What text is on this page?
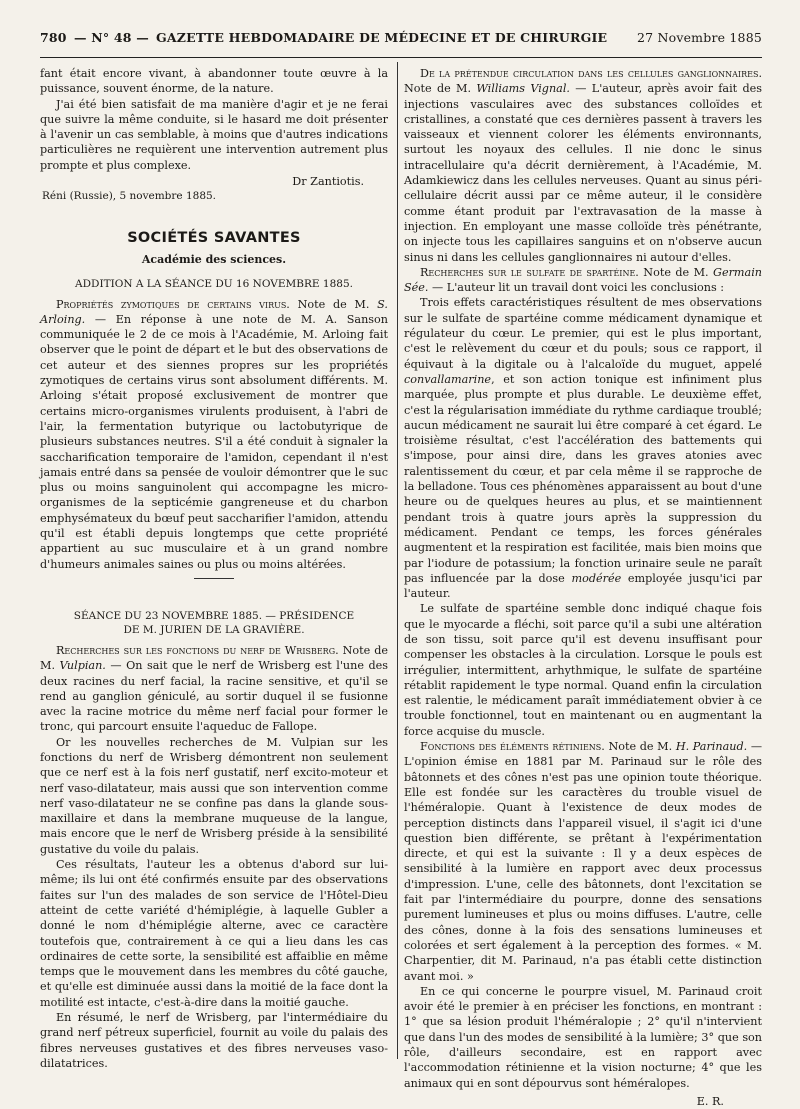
780 — N° 48 — GAZETTE HEBDOMADAIRE DE MÉDECINE ET DE CHIRURGIE	27 Novembre 1885

fant était encore vivant, à abandonner toute œuvre à la puissance, souvent énorme, de la nature.

J'ai été bien satisfait de ma manière d'agir et je ne ferai que suivre la même conduite, si le hasard me doit présenter à l'avenir un cas semblable, à moins que d'autres indications particulières ne requièrent une intervention autrement plus prompte et plus complexe.

Dr Zantiotis.

Réni (Russie), 5 novembre 1885.

SOCIÉTÉS SAVANTES
Académie des sciences.
ADDITION A LA SÉANCE DU 16 NOVEMBRE 1885.

Propriétés zymotiques de certains virus. Note de M. S. Arloing. — En réponse à une note de M. A. Sanson communiquée le 2 de ce mois à l'Académie, M. Arloing fait observer que le point de départ et le but des observations de cet auteur et des siennes propres sur les propriétés zymotiques de certains virus sont absolument différents. M. Arloing s'était proposé exclusivement de montrer que certains micro-organismes virulents produisent, à l'abri de l'air, la fermentation butyrique ou lactobutyrique de plusieurs substances neutres. S'il a été conduit à signaler la saccharification temporaire de l'amidon, cependant il n'est jamais entré dans sa pensée de vouloir démontrer que le suc plus ou moins sanguinolent qui accompagne les micro-organismes de la septicémie gangreneuse et du charbon emphysémateux du bœuf peut saccharifier l'amidon, attendu qu'il est établi depuis longtemps que cette propriété appartient au suc musculaire et à un grand nombre d'humeurs animales saines ou plus ou moins altérées.

SÉANCE DU 23 NOVEMBRE 1885. — PRÉSIDENCE
DE M. JURIEN DE LA GRAVIÈRE.

Recherches sur les fonctions du nerf de Wrisberg. Note de M. Vulpian. — On sait que le nerf de Wrisberg est l'une des deux racines du nerf facial, la racine sensitive, et qu'il se rend au ganglion géniculé, au sortir duquel il se fusionne avec la racine motrice du même nerf facial pour former le tronc, qui parcourt ensuite l'aqueduc de Fallope.

Or les nouvelles recherches de M. Vulpian sur les fonctions du nerf de Wrisberg démontrent non seulement que ce nerf est à la fois nerf gustatif, nerf excito-moteur et nerf vaso-dilatateur, mais aussi que son intervention comme nerf vaso-dilatateur ne se confine pas dans la glande sous-maxillaire et dans la membrane muqueuse de la langue, mais encore que le nerf de Wrisberg préside à la sensibilité gustative du voile du palais.

Ces résultats, l'auteur les a obtenus d'abord sur lui-même; ils lui ont été confirmés ensuite par des observations faites sur l'un des malades de son service de l'Hôtel-Dieu atteint de cette variété d'hémiplégie, à laquelle Gubler a donné le nom d'hémiplégie alterne, avec ce caractère toutefois que, contrairement à ce qui a lieu dans les cas ordinaires de cette sorte, la sensibilité est affaiblie en même temps que le mouvement dans les membres du côté gauche, et qu'elle est diminuée aussi dans la moitié de la face dont la motilité est intacte, c'est-à-dire dans la moitié gauche.

En résumé, le nerf de Wrisberg, par l'intermédiaire du grand nerf pétreux superficiel, fournit au voile du palais des fibres nerveuses gustatives et des fibres nerveuses vaso-dilatatrices.

De la prétendue circulation dans les cellules ganglionnaires. Note de M. Williams Vignal. — L'auteur, après avoir fait des injections vasculaires avec des substances colloïdes et cristallines, a constaté que ces dernières passent à travers les vaisseaux et viennent colorer les éléments environnants, surtout les noyaux des cellules. Il nie donc le sinus intracellulaire qu'a décrit dernièrement, à l'Académie, M. Adamkiewicz dans les cellules nerveuses. Quant au sinus péri-cellulaire décrit aussi par ce même auteur, il le considère comme étant produit par l'extravasation de la masse à injection. En employant une masse colloïde très pénétrante, on injecte tous les capillaires sanguins et on n'observe aucun sinus ni dans les cellules ganglionnaires ni autour d'elles.

Recherches sur le sulfate de spartéine. Note de M. Germain Sée. — L'auteur lit un travail dont voici les conclusions :

Trois effets caractéristiques résultent de mes observations sur le sulfate de spartéine comme médicament dynamique et régulateur du cœur. Le premier, qui est le plus important, c'est le relèvement du cœur et du pouls; sous ce rapport, il équivaut à la digitale ou à l'alcaloïde du muguet, appelé convallamarine, et son action tonique est infiniment plus marquée, plus prompte et plus durable. Le deuxième effet, c'est la régularisation immédiate du rythme cardiaque troublé; aucun médicament ne saurait lui être comparé à cet égard. Le troisième résultat, c'est l'accélération des battements qui s'impose, pour ainsi dire, dans les graves atonies avec ralentissement du cœur, et par cela même il se rapproche de la belladone. Tous ces phénomènes apparaissent au bout d'une heure ou de quelques heures au plus, et se maintiennent pendant trois à quatre jours après la suppression du médicament. Pendant ce temps, les forces générales augmentent et la respiration est facilitée, mais bien moins que par l'iodure de potassium; la fonction urinaire seule ne paraît pas influencée par la dose modérée employée jusqu'ici par l'auteur.

Le sulfate de spartéine semble donc indiqué chaque fois que le myocarde a fléchi, soit parce qu'il a subi une altération de son tissu, soit parce qu'il est devenu insuffisant pour compenser les obstacles à la circulation. Lorsque le pouls est irrégulier, intermittent, arhythmique, le sulfate de spartéine rétablit rapidement le type normal. Quand enfin la circulation est ralentie, le médicament paraît immédiatement obvier à ce trouble fonctionnel, tout en maintenant ou en augmentant la force acquise du muscle.

Fonctions des éléments rétiniens. Note de M. H. Parinaud. — L'opinion émise en 1881 par M. Parinaud sur le rôle des bâtonnets et des cônes n'est pas une opinion toute théorique. Elle est fondée sur les caractères du trouble visuel de l'héméralopie. Quant à l'existence de deux modes de perception distincts dans l'appareil visuel, il s'agit ici d'une question bien différente, se prêtant à l'expérimentation directe, et qui est la suivante : Il y a deux espèces de sensibilité à la lumière en rapport avec deux processus d'impression. L'une, celle des bâtonnets, dont l'excitation se fait par l'intermédiaire du pourpre, donne des sensations purement lumineuses et plus ou moins diffuses. L'autre, celle des cônes, donne à la fois des sensations lumineuses et colorées et sert également à la perception des formes. « M. Charpentier, dit M. Parinaud, n'a pas établi cette distinction avant moi. »

En ce qui concerne le pourpre visuel, M. Parinaud croit avoir été le premier à en préciser les fonctions, en montrant : 1° que sa lésion produit l'héméralopie ; 2° qu'il n'intervient que dans l'un des modes de sensibilité à la lumière; 3° que son rôle, d'ailleurs secondaire, est en rapport avec l'accommodation rétinienne et la vision nocturne; 4° que les animaux qui en sont dépourvus sont héméralopes.

E. R.
